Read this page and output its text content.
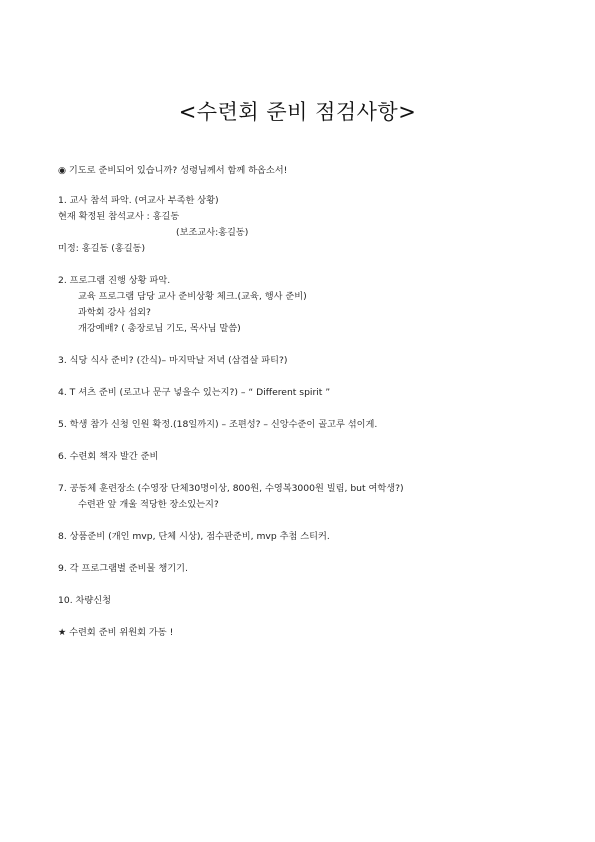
<수련회 준비 점검사항>
◉ 기도로 준비되어 있습니까? 성령님께서 함께 하옵소서!
1. 교사 참석 파악. (여교사 부족한 상황)
현재 확정된 참석교사 : 홍길동
(보조교사:홍길동)
미정: 홍길동 (홍길동)
2. 프로그램 진행 상황 파악.
교육 프로그램 담당 교사 준비상황 체크.(교육, 행사 준비)
과학회 강사 섭외?
개강예배? ( 총장로님 기도, 목사님 말씀)
3. 식당 식사 준비? (간식)– 마지막날 저녁 (삼겹살 파티?)
4. T 셔츠 준비 (로고나 문구 넣을수 있는지?) – “ Different spirit ”
5. 학생 참가 신청 인원 확정.(18일까지) – 조편성? – 신앙수준이 골고루 섞이게.
6. 수련회 책자 발간 준비
7. 공동체 훈련장소 (수영장 단체30명이상, 800원, 수영복3000원 빌림, but 여학생?)
수련관 앞 개울 적당한 장소있는지?
8. 상품준비 (개인 mvp, 단체 시상), 점수판준비, mvp 추첨 스티커.
9. 각 프로그램별 준비물 챙기기.
10. 차량신청
★ 수련회 준비 위원회 가동 !
